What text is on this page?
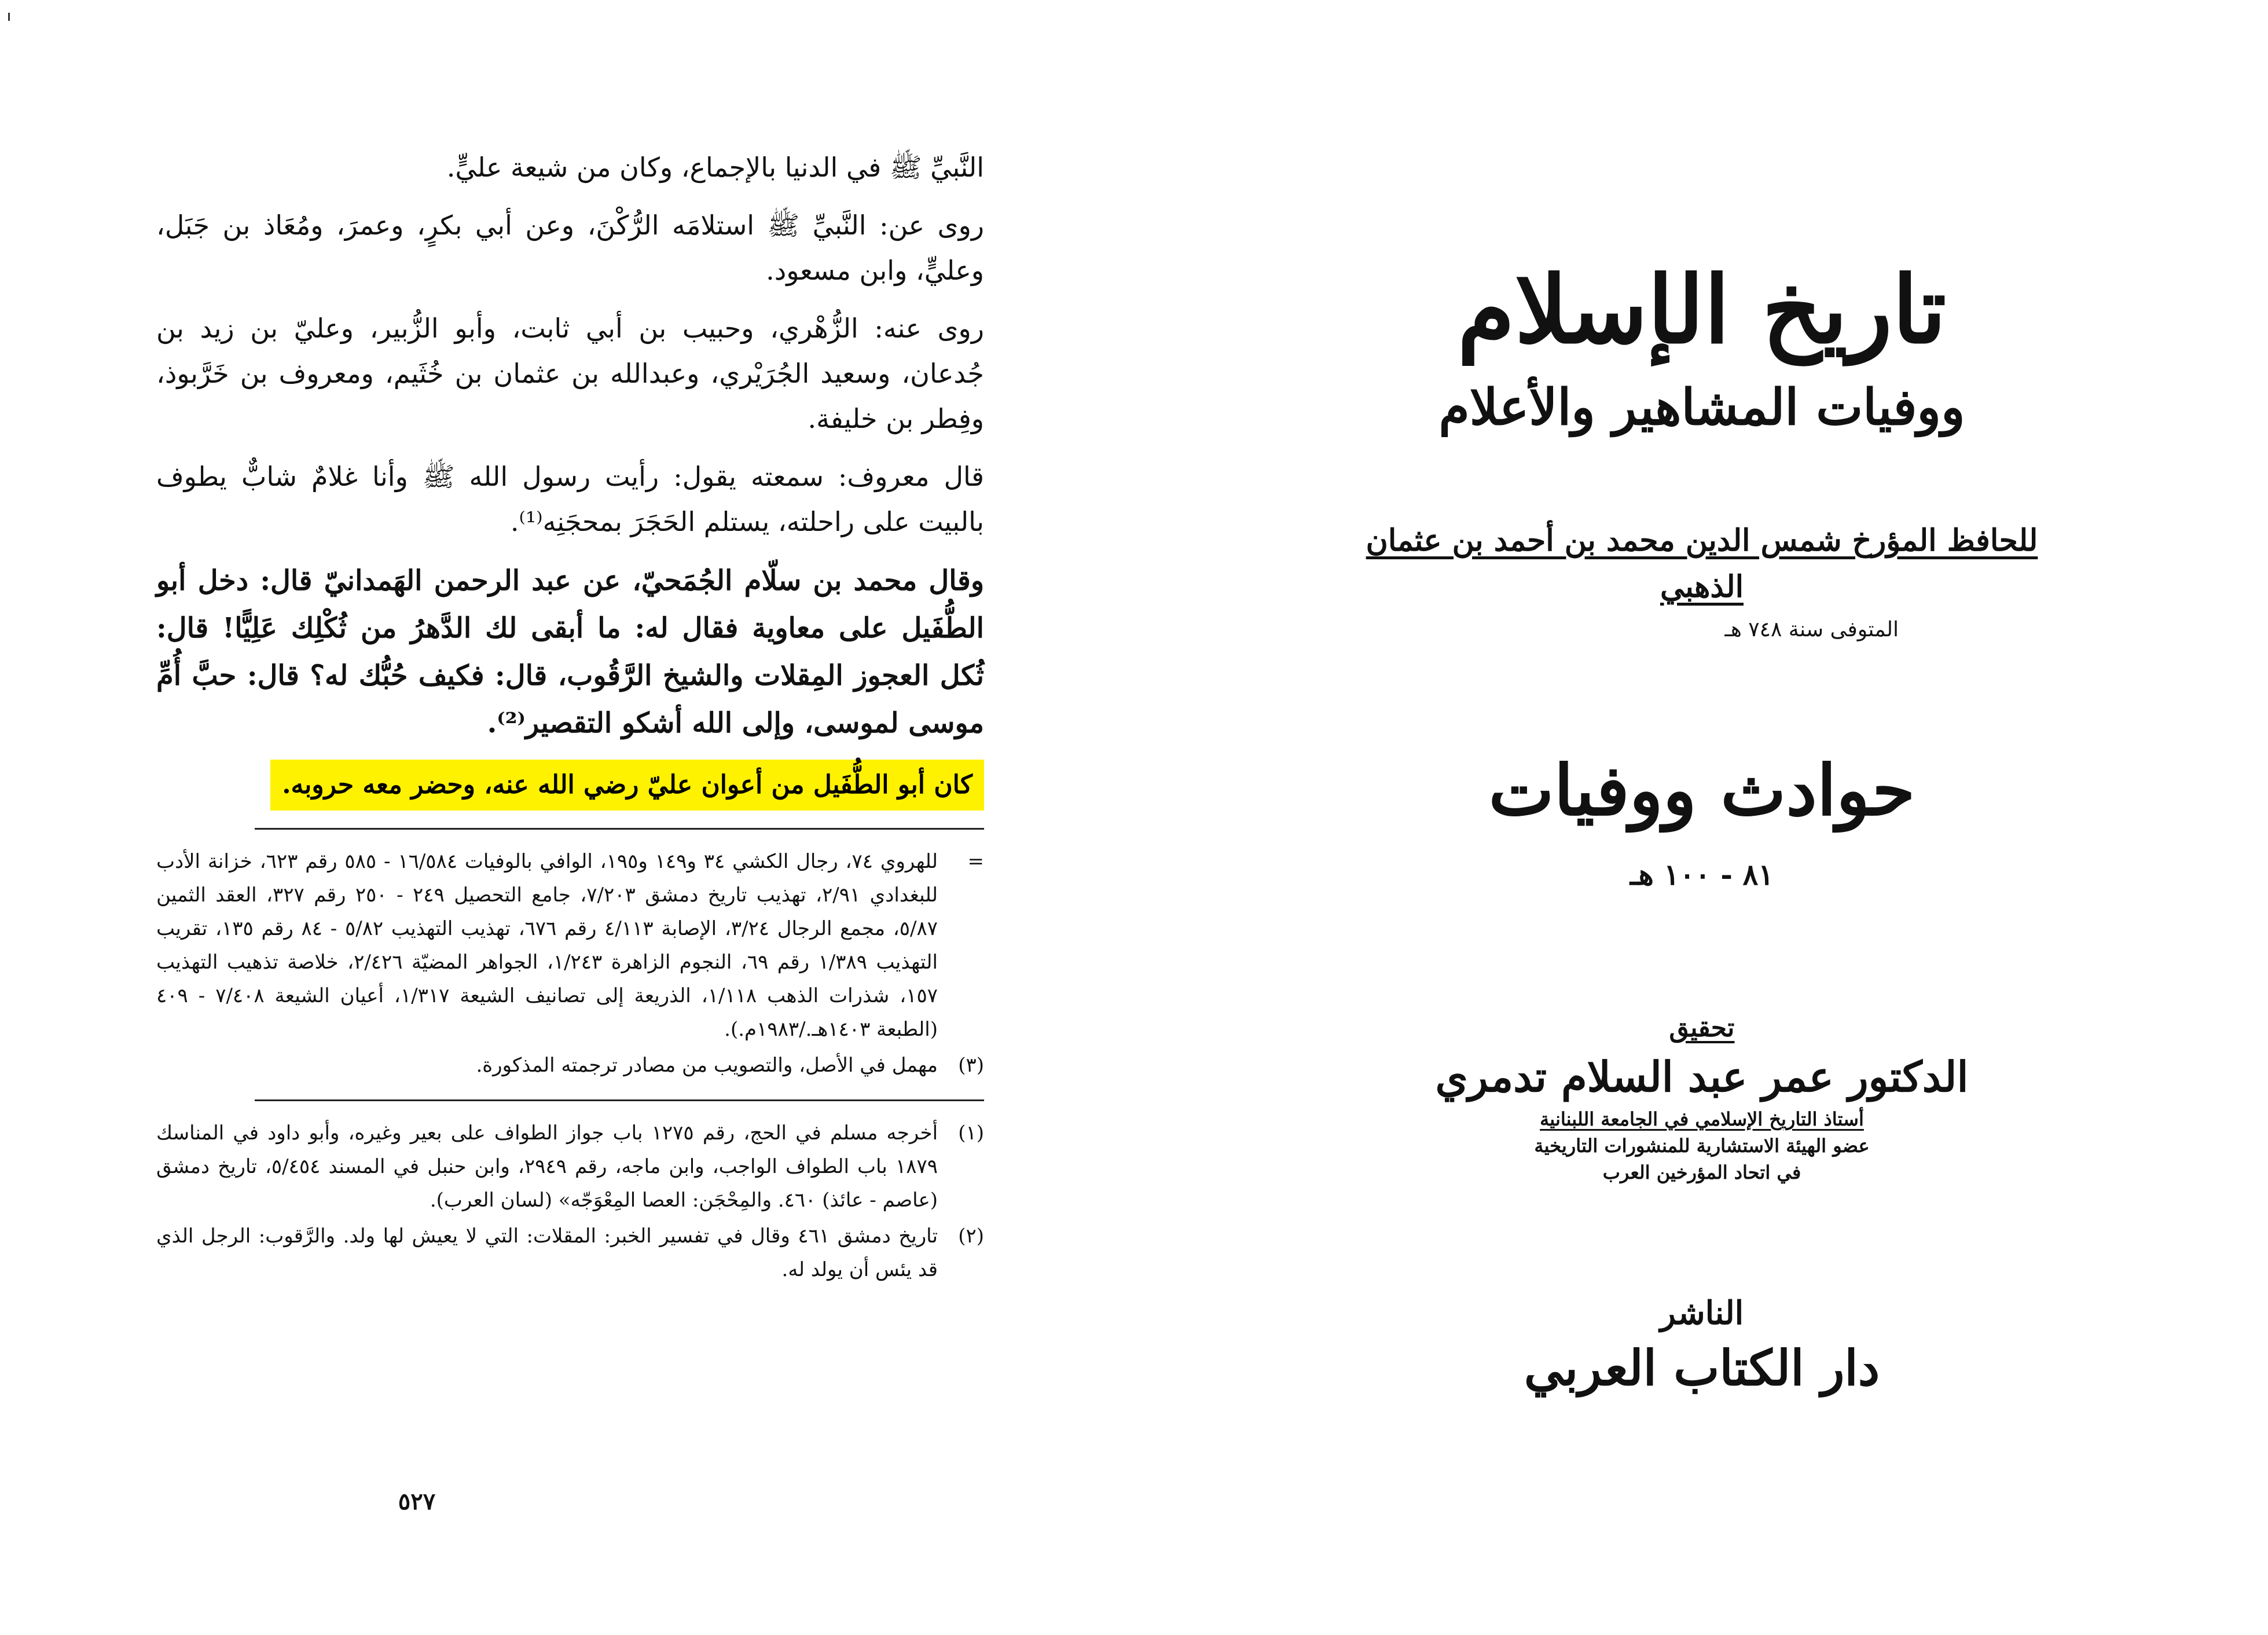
النَّبيِّ ﷺ في الدنيا بالإجماع، وكان من شيعة عليٍّ.

روى عن: النَّبيِّ ﷺ استلامَه الرُّكْنَ، وعن أبي بكرٍ، وعمرَ، ومُعَاذ بن جَبَل، وعليٍّ، وابن مسعود.

روى عنه: الزُّهْري، وحبيب بن أبي ثابت، وأبو الزُّبير، وعليّ بن زيد بن جُدعان، وسعيد الجُرَيْري، وعبدالله بن عثمان بن خُثَيم، ومعروف بن خَرَّبوذ، وفِطر بن خليفة.

قال معروف: سمعته يقول: رأيت رسول الله ﷺ وأنا غلامٌ شابٌّ يطوف بالبيت على راحلته، يستلم الحَجَرَ بمحجَنِه⁽¹⁾.

وقال محمد بن سلّام الجُمَحيّ، عن عبد الرحمن الهَمدانيّ قال: دخل أبو الطُّفَيل على معاوية فقال له: ما أبقى لك الدَّهرُ من ثُكْلِك عَلِيًّا! قال: ثُكل العجوز المِقلات والشيخ الرَّقُوب، قال: فكيف حُبُّك له؟ قال: حبَّ أُمِّ موسى لموسى، وإلى الله أشكو التقصير⁽²⁾.

كان أبو الطُّفَيل من أعوان عليّ رضي الله عنه، وحضر معه حروبه.
=
للهروي ٧٤، رجال الكشي ٣٤ و١٤٩ و١٩٥، الوافي بالوفيات ١٦/٥٨٤ - ٥٨٥ رقم ٦٢٣، خزانة الأدب للبغدادي ٢/٩١، تهذيب تاريخ دمشق ٧/٢٠٣، جامع التحصيل ٢٤٩ - ٢٥٠ رقم ٣٢٧، العقد الثمين ٥/٨٧، مجمع الرجال ٣/٢٤، الإصابة ٤/١١٣ رقم ٦٧٦، تهذيب التهذيب ٥/٨٢ - ٨٤ رقم ١٣٥، تقريب التهذيب ١/٣٨٩ رقم ٦٩، النجوم الزاهرة ١/٢٤٣، الجواهر المضيّة ٢/٤٢٦، خلاصة تذهيب التهذيب ١٥٧، شذرات الذهب ١/١١٨، الذريعة إلى تصانيف الشيعة ١/٣١٧، أعيان الشيعة ٧/٤٠٨ - ٤٠٩ (الطبعة ١٤٠٣هـ./١٩٨٣م.).
(٣)
مهمل في الأصل، والتصويب من مصادر ترجمته المذكورة.
(١)
أخرجه مسلم في الحج، رقم ١٢٧٥ باب جواز الطواف على بعير وغيره، وأبو داود في المناسك ١٨٧٩ باب الطواف الواجب، وابن ماجه، رقم ٢٩٤٩، وابن حنبل في المسند ٥/٤٥٤، تاريخ دمشق (عاصم - عائذ) ٤٦٠. والمِحْجَن: العصا المِعْوَجّه» (لسان العرب).
(٢)
تاريخ دمشق ٤٦١ وقال في تفسير الخبر: المقلات: التي لا يعيش لها ولد. والرَّقوب: الرجل الذي قد يئس أن يولد له.
٥٢٧
تاريخ الإسلام
ووفيات المشاهير والأعلام
للحافظ المؤرخ شمس الدين محمد بن أحمد بن عثمان الذهبي
المتوفى سنة ٧٤٨ هـ
حوادث ووفيات
٨١ - ١٠٠ هـ
تحقيق
الدكتور عمر عبد السلام تدمري
أستاذ التاريخ الإسلامي في الجامعة اللبنانية
عضو الهيئة الاستشارية للمنشورات التاريخية
في اتحاد المؤرخين العرب
الناشر
دار الكتاب العربي
